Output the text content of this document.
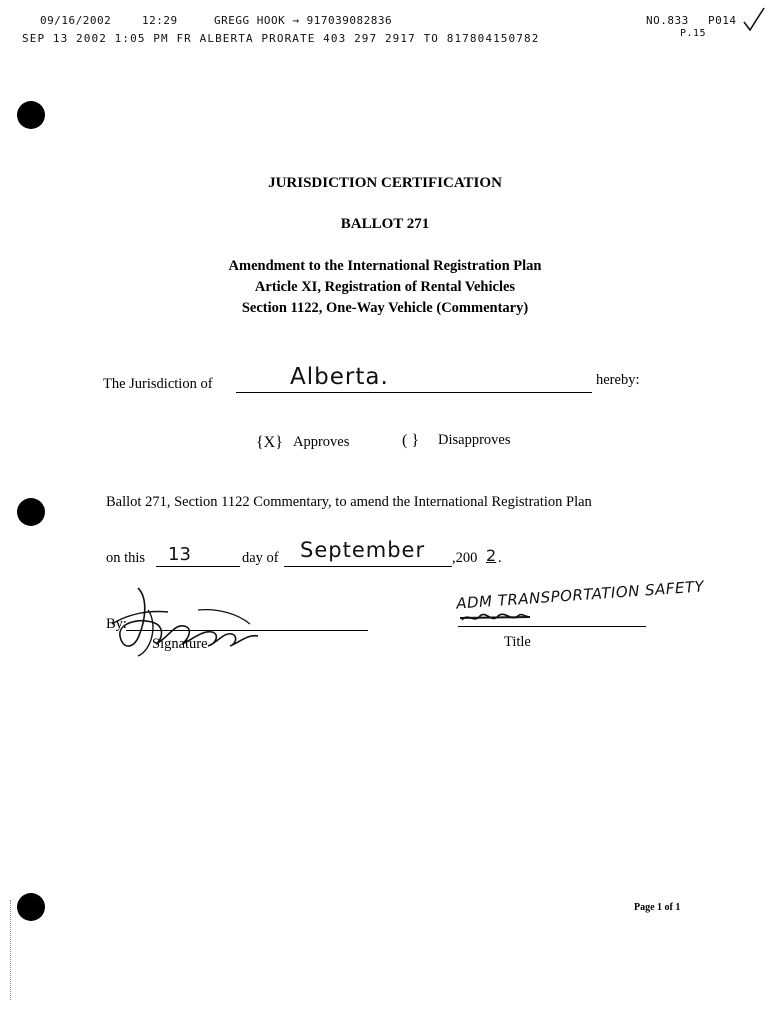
09/16/2002	12:29	GREGG HOOK → 917039082836	NO.833 P014
SEP 13 2002 1:05 PM FR ALBERTA PRORATE 403 297 2917 TO 817804150782	P.15
JURISDICTION CERTIFICATION
BALLOT 271
Amendment to the International Registration Plan
Article XI, Registration of Rental Vehicles
Section 1122, One-Way Vehicle (Commentary)
The Jurisdiction of	Alberta.	hereby:
{X} Approves	( } Disapproves
Ballot 271, Section 1122 Commentary, to amend the International Registration Plan
on this 13	day of September ,200 2 .
By:
Signature
ADM TRANSPORTATION SAFETY
Title
Page 1 of 1
